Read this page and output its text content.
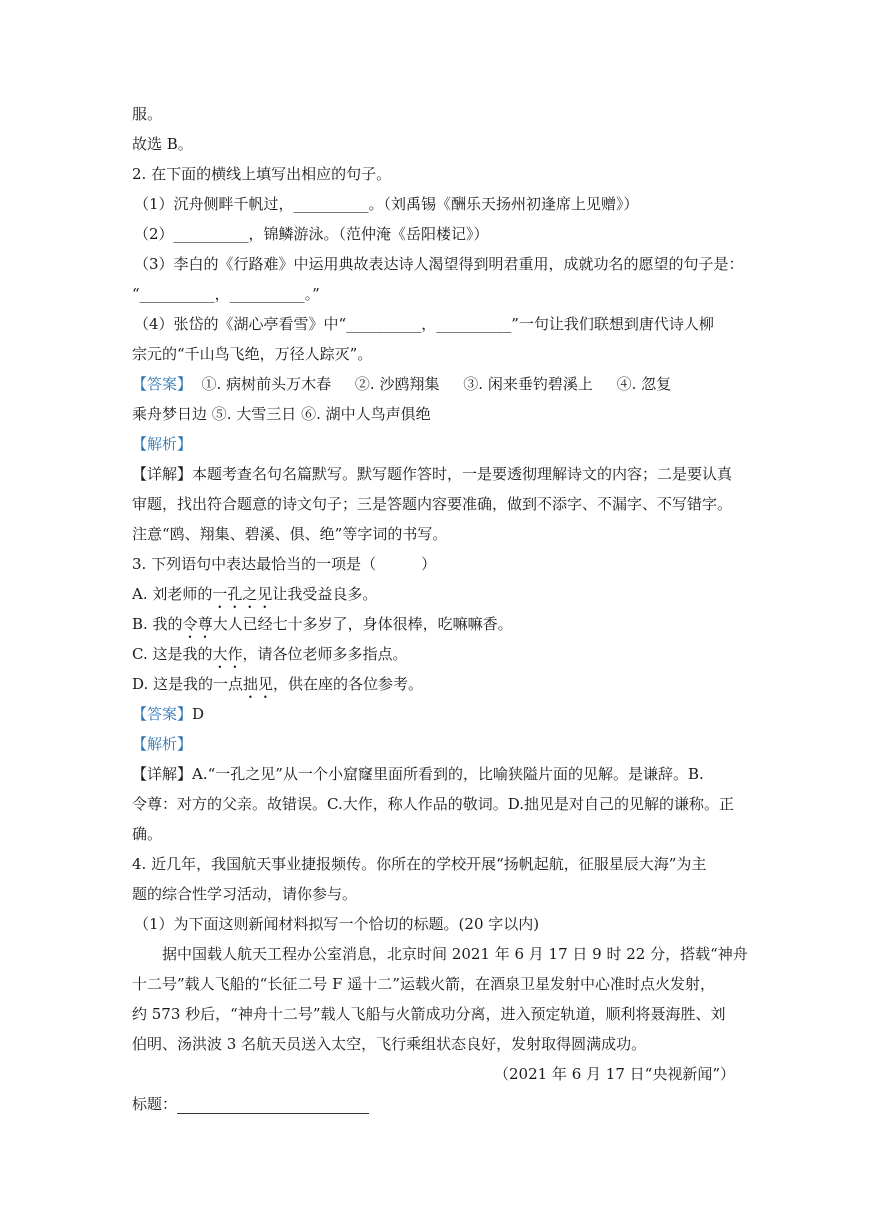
服。
故选 B。
2. 在下面的横线上填写出相应的句子。
（1）沉舟侧畔千帆过，__________。（刘禹锡《酬乐天扬州初逢席上见赠》）
（2）__________，锦鳞游泳。（范仲淹《岳阳楼记》）
（3）李白的《行路难》中运用典故表达诗人渴望得到明君重用，成就功名的愿望的句子是：
“__________，__________。”
（4）张岱的《湖心亭看雪》中“__________，__________”一句让我们联想到唐代诗人柳
宗元的“千山鸟飞绝，万径人踪灭”。
【答案】  ①. 病树前头万木春     ②. 沙鸥翔集     ③. 闲来垂钓碧溪上     ④. 忽复
乘舟梦日边 ⑤. 大雪三日 ⑥. 湖中人鸟声俱绝
【解析】
【详解】本题考查名句名篇默写。默写题作答时，一是要透彻理解诗文的内容；二是要认真
审题，找出符合题意的诗文句子；三是答题内容要准确，做到不添字、不漏字、不写错字。
注意“鸥、翔集、碧溪、俱、绝”等字词的书写。
3. 下列语句中表达最恰当的一项是（　　　）
A. 刘老师的一孔之见让我受益良多。
B. 我的令尊大人已经七十多岁了，身体很棒，吃嘛嘛香。
C. 这是我的大作，请各位老师多多指点。
D. 这是我的一点拙见，供在座的各位参考。
【答案】D
【解析】
【详解】A.“一孔之见”从一个小窟窿里面所看到的，比喻狭隘片面的见解。是谦辞。B.
令尊：对方的父亲。故错误。C.大作，称人作品的敬词。D.拙见是对自己的见解的谦称。正
确。
4. 近几年，我国航天事业捷报频传。你所在的学校开展“扬帆起航，征服星辰大海”为主
题的综合性学习活动，请你参与。
（1）为下面这则新闻材料拟写一个恰切的标题。(20 字以内)
据中国载人航天工程办公室消息，北京时间 2021 年 6 月 17 日 9 时 22 分，搭载“神舟
十二号”载人飞船的“长征二号 F 遥十二”运载火箭，在酒泉卫星发射中心准时点火发射，
约 573 秒后，“神舟十二号”载人飞船与火箭成功分离，进入预定轨道，顺利将聂海胜、刘
伯明、汤洪波 3 名航天员送入太空，飞行乘组状态良好，发射取得圆满成功。
（2021 年 6 月 17 日“央视新闻”）
标题：
